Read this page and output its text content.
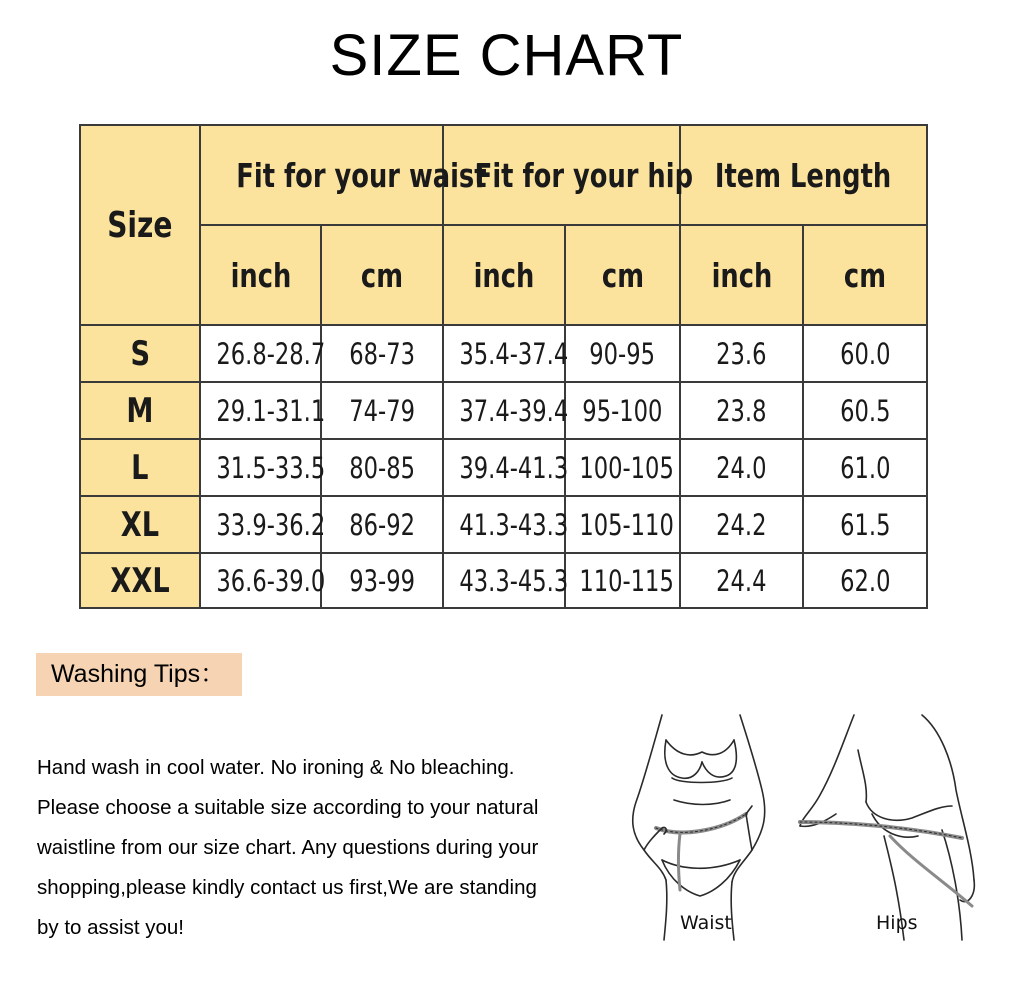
SIZE CHART
Size	Fit for your waist		Fit for your hip		Item Length	
	inch	cm	inch	cm	inch	cm
S	26.8-28.7	68-73	35.4-37.4	90-95	23.6	60.0
M	29.1-31.1	74-79	37.4-39.4	95-100	23.8	60.5
L	31.5-33.5	80-85	39.4-41.3	100-105	24.0	61.0
XL	33.9-36.2	86-92	41.3-43.3	105-110	24.2	61.5
XXL	36.6-39.0	93-99	43.3-45.3	110-115	24.4	62.0
Washing Tips：
Hand wash in cool water. No ironing & No bleaching.
Please choose a suitable size according to your natural
waistline from our size chart. Any questions during your
shopping,please kindly contact us first,We are standing
by to assist you!	Waist	Hips
